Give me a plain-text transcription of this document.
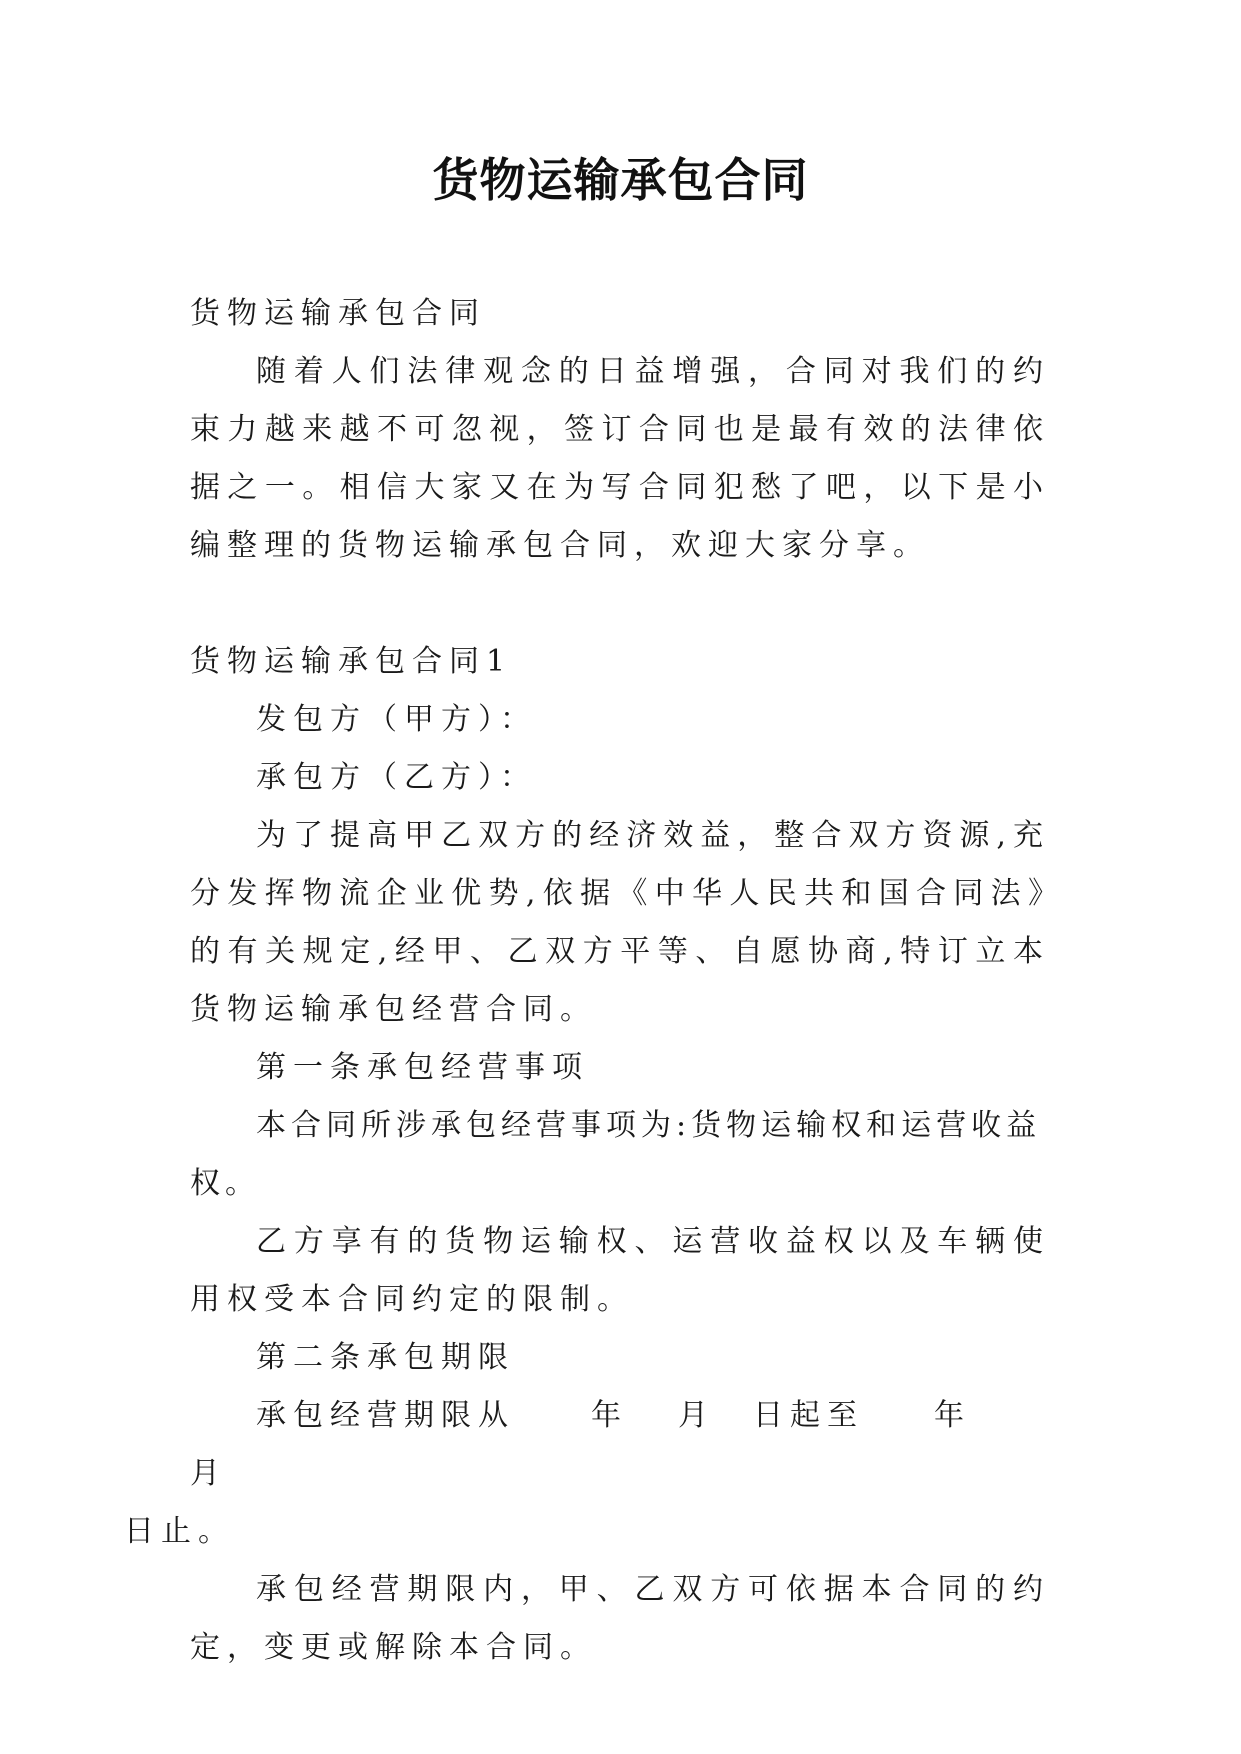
货物运输承包合同

货物运输承包合同

随着人们法律观念的日益增强，合同对我们的约束力越来越不可忽视，签订合同也是最有效的法律依据之一。相信大家又在为写合同犯愁了吧，以下是小编整理的货物运输承包合同，欢迎大家分享。

货物运输承包合同1

发包方（甲方）：

承包方（乙方）：

为了提高甲乙双方的经济效益，整合双方资源,充分发挥物流企业优势,依据《中华人民共和国合同法》的有关规定,经甲、乙双方平等、自愿协商,特订立本货物运输承包经营合同。

第一条承包经营事项

本合同所涉承包经营事项为:货物运输权和运营收益权。

乙方享有的货物运输权、运营收益权以及车辆使用权受本合同约定的限制。

第二条承包期限

承包经营期限从	年 月 日起至 年月
日止。

承包经营期限内，甲、乙双方可依据本合同的约定，变更或解除本合同。
